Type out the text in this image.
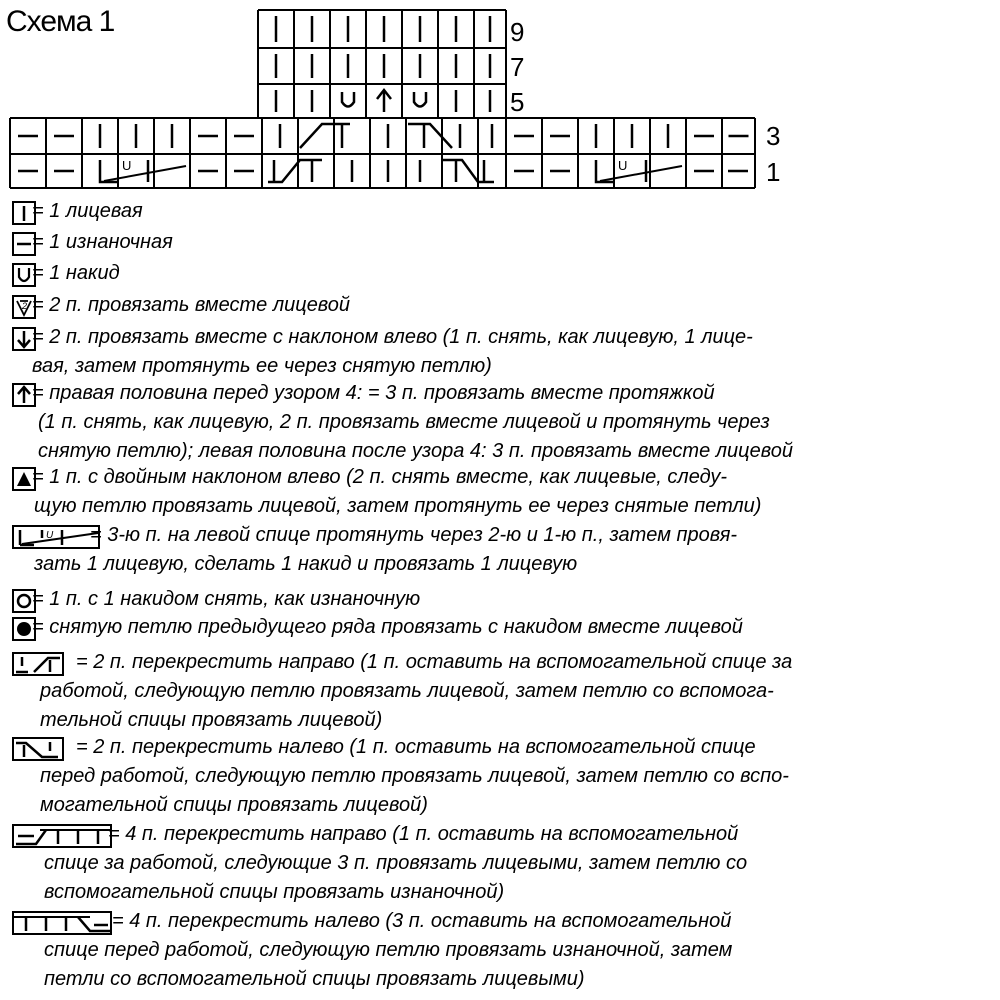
Схема 1
U	U
9
7
5
3
1
= 1 лицевая
= 1 изнаночная
= 1 накид
2 = 2 п. провязать вместе лицевой
= 2 п. провязать вместе с наклоном влево (1 п. снять, как лицевую, 1 лице-
вая, затем протянуть ее через снятую петлю)
= правая половина перед узором 4: = 3 п. провязать вместе протяжкой
(1 п. снять, как лицевую, 2 п. провязать вместе лицевой и протянуть через
снятую петлю); левая половина после узора 4: 3 п. провязать вместе лицевой
= 1 п. с двойным наклоном влево (2 п. снять вместе, как лицевые, следу-
щую петлю провязать лицевой, затем протянуть ее через снятые петли)
U	= 3-ю п. на левой спице протянуть через 2-ю и 1-ю п., затем провя-
зать 1 лицевую, сделать 1 накид и провязать 1 лицевую
= 1 п. с 1 накидом снять, как изнаночную
= снятую петлю предыдущего ряда провязать с накидом вместе лицевой
= 2 п. перекрестить направо (1 п. оставить на вспомогательной спице за
работой, следующую петлю провязать лицевой, затем петлю со вспомога-
тельной спицы провязать лицевой)
= 2 п. перекрестить налево (1 п. оставить на вспомогательной спице
перед работой, следующую петлю провязать лицевой, затем петлю со вспо-
могательной спицы провязать лицевой)
= 4 п. перекрестить направо (1 п. оставить на вспомогательной
спице за работой, следующие 3 п. провязать лицевыми, затем петлю со
вспомогательной спицы провязать изнаночной)
= 4 п. перекрестить налево (3 п. оставить на вспомогательной
спице перед работой, следующую петлю провязать изнаночной, затем
петли со вспомогательной спицы провязать лицевыми)
